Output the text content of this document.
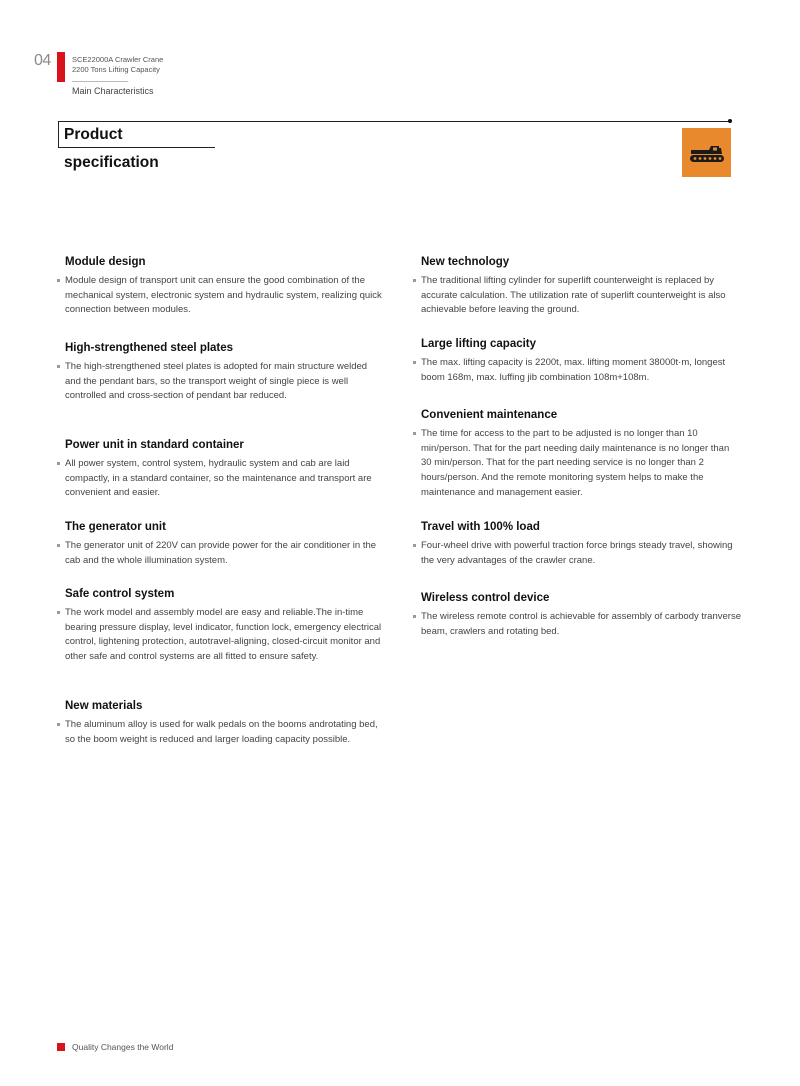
04	SCE22000A Crawler Crane
2200 Tons Lifting Capacity
Main Characteristics
Product specification

Module design

Module design of transport unit can ensure the good combination of the mechanical system, electronic system and hydraulic system, realizing quick connection between modules.

High-strengthened steel plates

The high-strengthened steel plates is adopted for main structure welded and the pendant bars, so the transport weight of single piece is well controlled and cross-section of pendant bar reduced.

Power unit in standard container

All power system, control system, hydraulic system and cab are laid compactly, in a standard container, so the maintenance and transport are convenient and easier.

The generator unit

The generator unit of 220V can provide power for the air conditioner in the cab and the whole illumination system.

Safe control system

The work model and assembly model are easy and reliable.The in-time bearing pressure display, level indicator, function lock, emergency electrical control, lightening protection, autotravel-aligning, closed-circuit monitor and other safe and control systems are all fitted to ensure safety.

New materials

The aluminum alloy is used for walk pedals on the booms androtating bed, so the boom weight is reduced and larger loading capacity possible.

New technology

The traditional lifting cylinder for superlift counterweight is replaced by accurate calculation. The utilization rate of superlift counterweight is also achievable before leaving the ground.

Large lifting capacity

The max. lifting capacity is 2200t, max. lifting moment 38000t·m, longest boom 168m, max. luffing jib combination 108m+108m.

Convenient maintenance

The time for access to the part to be adjusted is no longer than 10 min/person. That for the part needing daily maintenance is no longer than 30 min/person. That for the part needing service is no longer than 2 hours/person. And the remote monitoring system helps to make the maintenance and management easier.

Travel with 100% load

Four-wheel drive with powerful traction force brings steady travel, showing the very advantages of the crawler crane.

Wireless control device

The wireless remote control is achievable for assembly of carbody tranverse beam, crawlers and rotating bed.

Quality Changes the World
